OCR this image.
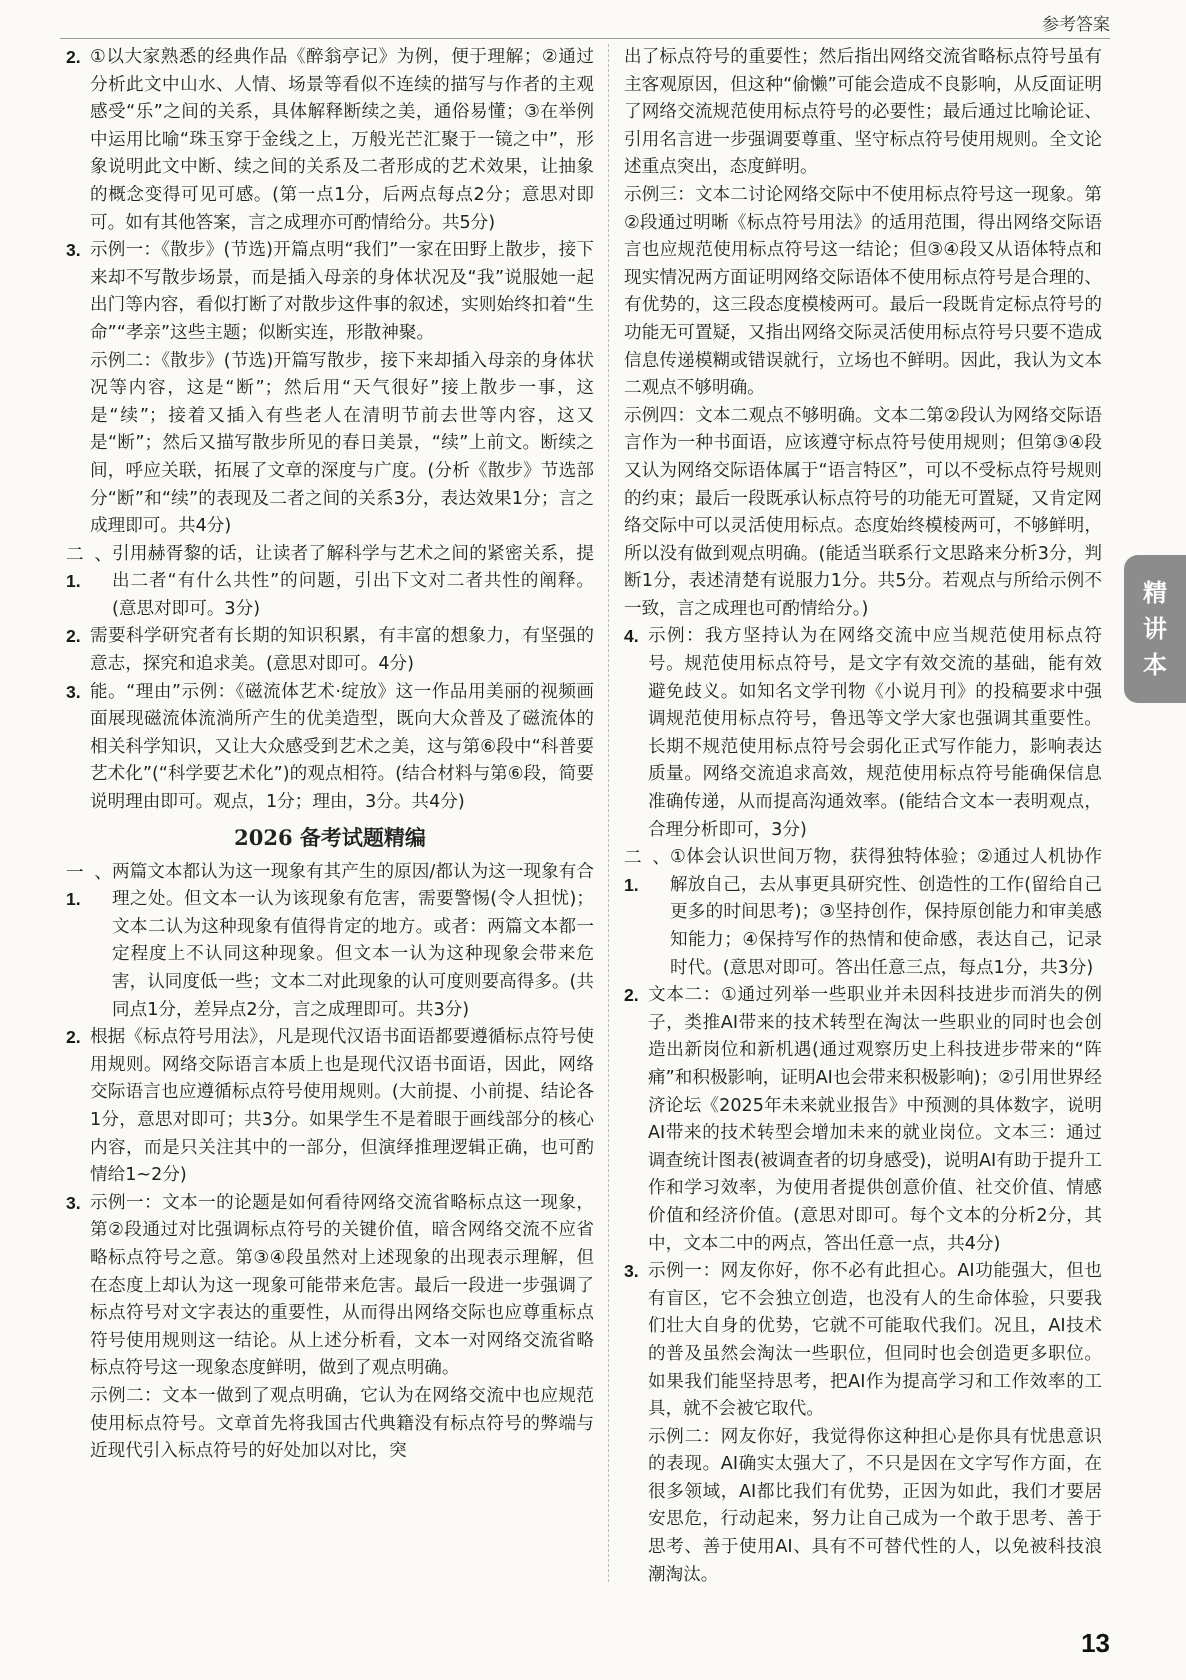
参考答案
2. ①以大家熟悉的经典作品《醉翁亭记》为例，便于理解；②通过分析此文中山水、人情、场景等看似不连续的描写与作者的主观感受“乐”之间的关系，具体解释断续之美，通俗易懂；③在举例中运用比喻“珠玉穿于金线之上，万般光芒汇聚于一镜之中”，形象说明此文中断、续之间的关系及二者形成的艺术效果，让抽象的概念变得可见可感。(第一点1分，后两点每点2分；意思对即可。如有其他答案，言之成理亦可酌情给分。共5分)

3. 示例一：《散步》(节选)开篇点明“我们”一家在田野上散步，接下来却不写散步场景，而是插入母亲的身体状况及“我”说服她一起出门等内容，看似打断了对散步这件事的叙述，实则始终扣着“生命”“孝亲”这些主题；似断实连，形散神聚。

示例二：《散步》(节选)开篇写散步，接下来却插入母亲的身体状况等内容，这是“断”；然后用“天气很好”接上散步一事，这是“续”；接着又插入有些老人在清明节前去世等内容，这又是“断”；然后又描写散步所见的春日美景，“续”上前文。断续之间，呼应关联，拓展了文章的深度与广度。(分析《散步》节选部分“断”和“续”的表现及二者之间的关系3分，表达效果1分；言之成理即可。共4分)

二、1.

引用赫胥黎的话，让读者了解科学与艺术之间的紧密关系，提出二者“有什么共性”的问题，引出下文对二者共性的阐释。(意思对即可。3分)

2. 需要科学研究者有长期的知识积累，有丰富的想象力，有坚强的意志，探究和追求美。(意思对即可。4分)

3. 能。“理由”示例：《磁流体艺术·绽放》这一作品用美丽的视频画面展现磁流体流淌所产生的优美造型，既向大众普及了磁流体的相关科学知识，又让大众感受到艺术之美，这与第⑥段中“科普要艺术化”(“科学要艺术化”)的观点相符。(结合材料与第⑥段，简要说明理由即可。观点，1分；理由，3分。共4分)

2026 备考试题精编
一、1.

两篇文本都认为这一现象有其产生的原因/都认为这一现象有合理之处。但文本一认为该现象有危害，需要警惕(令人担忧)；文本二认为这种现象有值得肯定的地方。或者：两篇文本都一定程度上不认同这种现象。但文本一认为这种现象会带来危害，认同度低一些；文本二对此现象的认可度则要高得多。(共同点1分，差异点2分，言之成理即可。共3分)

2. 根据《标点符号用法》，凡是现代汉语书面语都要遵循标点符号使用规则。网络交际语言本质上也是现代汉语书面语，因此，网络交际语言也应遵循标点符号使用规则。(大前提、小前提、结论各1分，意思对即可；共3分。如果学生不是着眼于画线部分的核心内容，而是只关注其中的一部分，但演绎推理逻辑正确，也可酌情给1~2分)

3. 示例一：文本一的论题是如何看待网络交流省略标点这一现象，第②段通过对比强调标点符号的关键价值，暗含网络交流不应省略标点符号之意。第③④段虽然对上述现象的出现表示理解，但在态度上却认为这一现象可能带来危害。最后一段进一步强调了标点符号对文字表达的重要性，从而得出网络交际也应尊重标点符号使用规则这一结论。从上述分析看，文本一对网络交流省略标点符号这一现象态度鲜明，做到了观点明确。

示例二：文本一做到了观点明确，它认为在网络交流中也应规范使用标点符号。文章首先将我国古代典籍没有标点符号的弊端与近现代引入标点符号的好处加以对比，突

出了标点符号的重要性；然后指出网络交流省略标点符号虽有主客观原因，但这种“偷懒”可能会造成不良影响，从反面证明了网络交流规范使用标点符号的必要性；最后通过比喻论证、引用名言进一步强调要尊重、坚守标点符号使用规则。全文论述重点突出，态度鲜明。

示例三：文本二讨论网络交际中不使用标点符号这一现象。第②段通过明晰《标点符号用法》的适用范围，得出网络交际语言也应规范使用标点符号这一结论；但③④段又从语体特点和现实情况两方面证明网络交际语体不使用标点符号是合理的、有优势的，这三段态度模棱两可。最后一段既肯定标点符号的功能无可置疑，又指出网络交际灵活使用标点符号只要不造成信息传递模糊或错误就行，立场也不鲜明。因此，我认为文本二观点不够明确。

示例四：文本二观点不够明确。文本二第②段认为网络交际语言作为一种书面语，应该遵守标点符号使用规则；但第③④段又认为网络交际语体属于“语言特区”，可以不受标点符号规则的约束；最后一段既承认标点符号的功能无可置疑，又肯定网络交际中可以灵活使用标点。态度始终模棱两可，不够鲜明，所以没有做到观点明确。(能适当联系行文思路来分析3分，判断1分，表述清楚有说服力1分。共5分。若观点与所给示例不一致，言之成理也可酌情给分。)

4. 示例：我方坚持认为在网络交流中应当规范使用标点符号。规范使用标点符号，是文字有效交流的基础，能有效避免歧义。如知名文学刊物《小说月刊》的投稿要求中强调规范使用标点符号，鲁迅等文学大家也强调其重要性。长期不规范使用标点符号会弱化正式写作能力，影响表达质量。网络交流追求高效，规范使用标点符号能确保信息准确传递，从而提高沟通效率。(能结合文本一表明观点，合理分析即可，3分)

二、1.

①体会认识世间万物，获得独特体验；②通过人机协作解放自己，去从事更具研究性、创造性的工作(留给自己更多的时间思考)；③坚持创作，保持原创能力和审美感知能力；④保持写作的热情和使命感，表达自己，记录时代。(意思对即可。答出任意三点，每点1分，共3分)

2. 文本二：①通过列举一些职业并未因科技进步而消失的例子，类推AI带来的技术转型在淘汰一些职业的同时也会创造出新岗位和新机遇(通过观察历史上科技进步带来的“阵痛”和积极影响，证明AI也会带来积极影响)；②引用世界经济论坛《2025年未来就业报告》中预测的具体数字，说明AI带来的技术转型会增加未来的就业岗位。文本三：通过调查统计图表(被调查者的切身感受)，说明AI有助于提升工作和学习效率，为使用者提供创意价值、社交价值、情感价值和经济价值。(意思对即可。每个文本的分析2分，其中，文本二中的两点，答出任意一点，共4分)

3. 示例一：网友你好，你不必有此担心。AI功能强大，但也有盲区，它不会独立创造，也没有人的生命体验，只要我们壮大自身的优势，它就不可能取代我们。况且，AI技术的普及虽然会淘汰一些职位，但同时也会创造更多职位。如果我们能坚持思考，把AI作为提高学习和工作效率的工具，就不会被它取代。

示例二：网友你好，我觉得你这种担心是你具有忧患意识的表现。AI确实太强大了，不只是因在文字写作方面，在很多领域，AI都比我们有优势，正因为如此，我们才要居安思危，行动起来，努力让自己成为一个敢于思考、善于思考、善于使用AI、具有不可替代性的人，以免被科技浪潮淘汰。

精
讲
本
13
